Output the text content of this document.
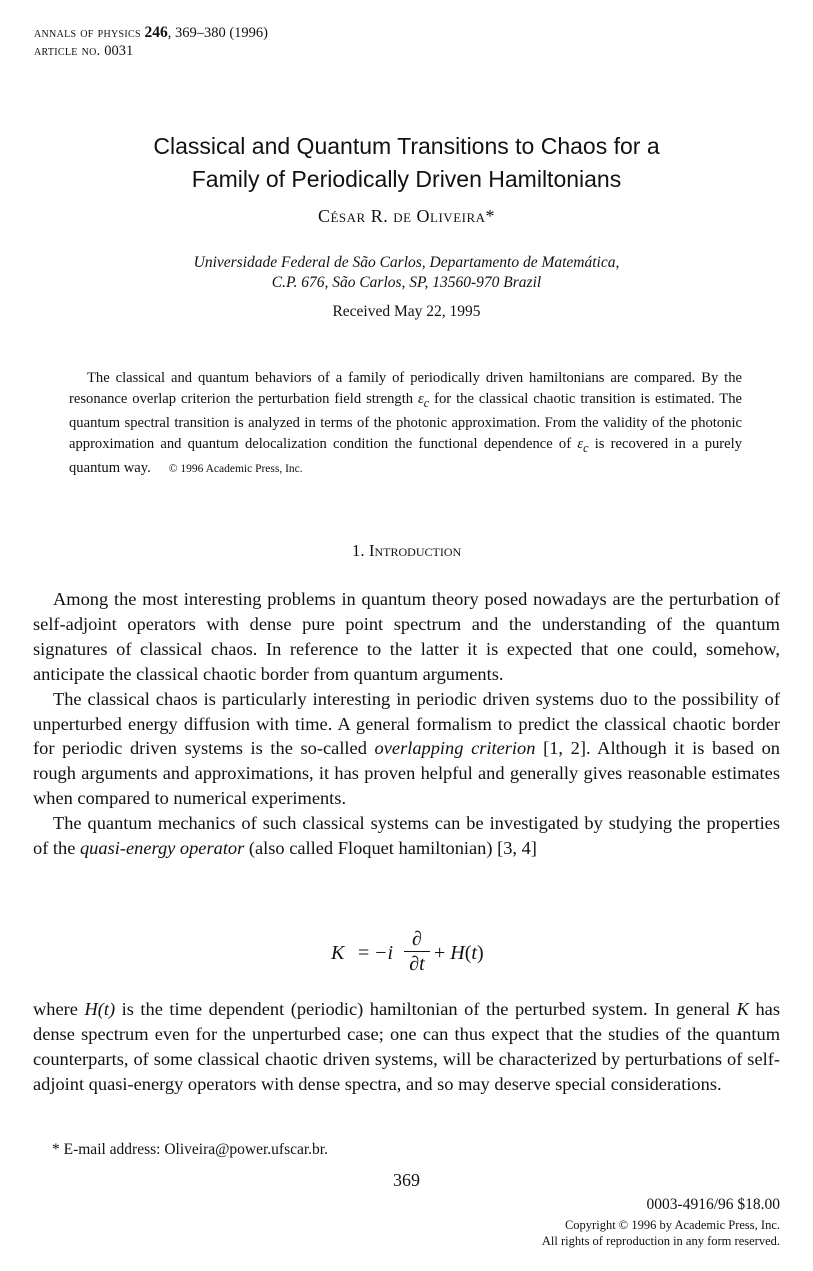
annals of physics 246, 369–380 (1996)
article no. 0031
Classical and Quantum Transitions to Chaos for a
Family of Periodically Driven Hamiltonians
César R. de Oliveira*
Universidade Federal de São Carlos, Departamento de Matemática,
C.P. 676, São Carlos, SP, 13560-970 Brazil
Received May 22, 1995
The classical and quantum behaviors of a family of periodically driven hamiltonians are compared. By the resonance overlap criterion the perturbation field strength $\varepsilon_c$ for the classical chaotic transition is estimated. The quantum spectral transition is analyzed in terms of the photonic approximation. From the validity of the photonic approximation and quantum delocalization condition the functional dependence of $\varepsilon_c$ is recovered in a purely quantum way. © 1996 Academic Press, Inc.
1. Introduction

Among the most interesting problems in quantum theory posed nowadays are the perturbation of self-adjoint operators with dense pure point spectrum and the understanding of the quantum signatures of classical chaos. In reference to the latter it is expected that one could, somehow, anticipate the classical chaotic border from quantum arguments.

The classical chaos is particularly interesting in periodic driven systems duo to the possibility of unperturbed energy diffusion with time. A general formalism to predict the classical chaotic border for periodic driven systems is the so-called overlapping criterion [1, 2]. Although it is based on rough arguments and approximations, it has proven helpful and generally gives reasonable estimates when compared to numerical experiments.

The quantum mechanics of such classical systems can be investigated by studying the properties of the quasi-energy operator (also called Floquet hamiltonian) [3, 4]

K = −i
∂
∂t + H(t)

where H(t) is the time dependent (periodic) hamiltonian of the perturbed system. In general K has dense spectrum even for the unperturbed case; one can thus expect that the studies of the quantum counterparts, of some classical chaotic driven systems, will be characterized by perturbations of self-adjoint quasi-energy operators with dense spectra, and so may deserve special considerations.

* E-mail address: Oliveira@power.ufscar.br.
369
0003-4916/96 $18.00
Copyright © 1996 by Academic Press, Inc.
All rights of reproduction in any form reserved.
